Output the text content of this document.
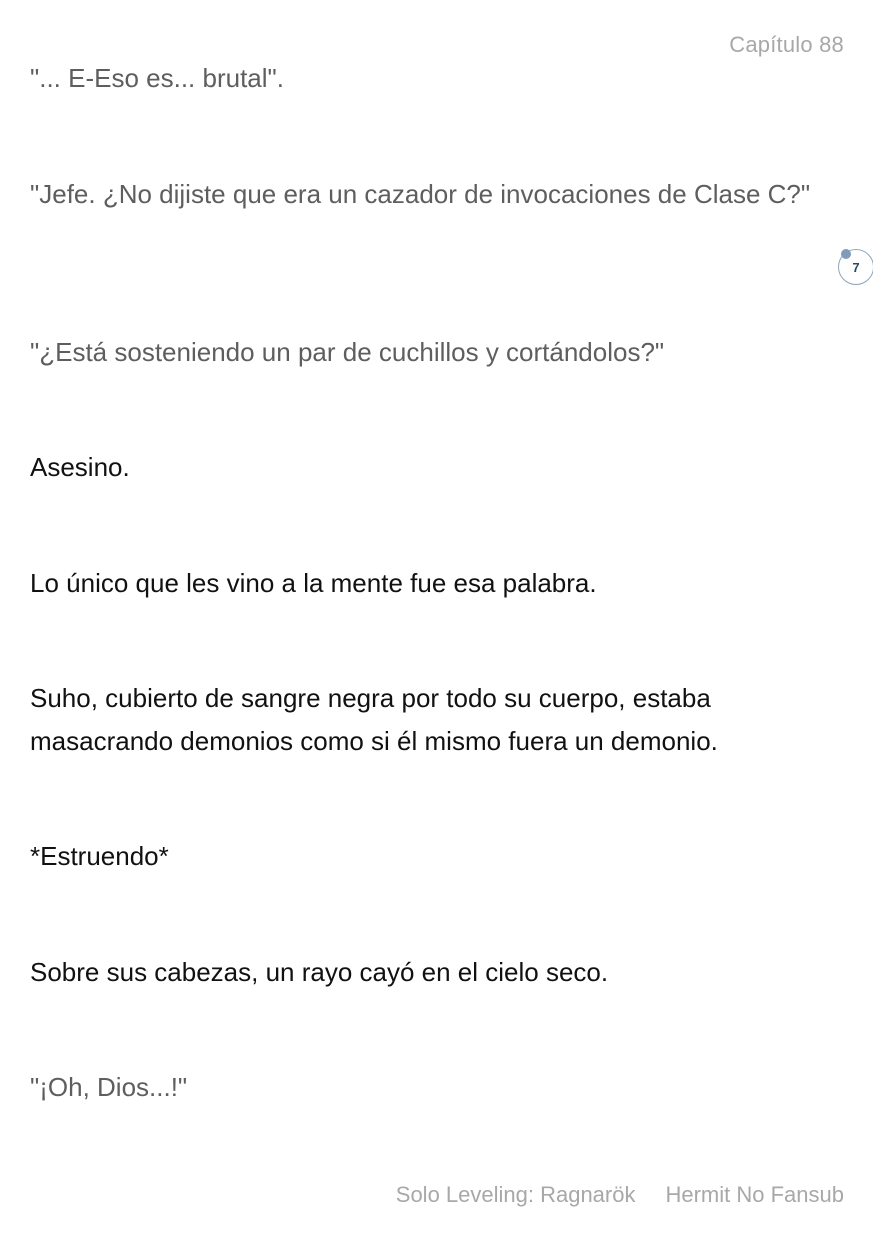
Capítulo 88

"... E-Eso es... brutal".

"Jefe. ¿No dijiste que era un cazador de invocaciones de Clase C?"

"¿Está sosteniendo un par de cuchillos y cortándolos?"

Asesino.

Lo único que les vino a la mente fue esa palabra.

Suho, cubierto de sangre negra por todo su cuerpo, estaba masacrando demonios como si él mismo fuera un demonio.

*Estruendo*

Sobre sus cabezas, un rayo cayó en el cielo seco.

"¡Oh, Dios...!"

7
Solo Leveling: Ragnarök Hermit No Fansub
